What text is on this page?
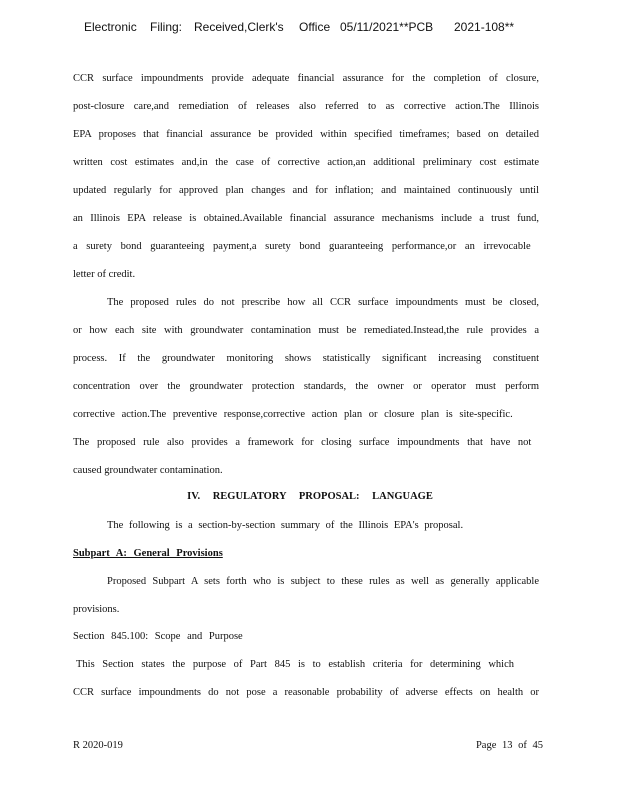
Electronic Filing: Received,Clerk's Office 05/11/2021**PCB 2021-108**
CCR surface impoundments provide adequate financial assurance for the completion of closure,
post-closure care,and remediation of releases also referred to as corrective action.The Illinois
EPA proposes that financial assurance be provided within specified timeframes; based on detailed
written cost estimates and,in the case of corrective action,an additional preliminary cost estimate
updated regularly for approved plan changes and for inflation; and maintained continuously until
an Illinois EPA release is obtained.Available financial assurance mechanisms include a trust fund,
a surety bond guaranteeing payment,a surety bond guaranteeing performance,or an irrevocable
letter of credit.
The proposed rules do not prescribe how all CCR surface impoundments must be closed,
or how each site with groundwater contamination must be remediated.Instead,the rule provides a
process. If the groundwater monitoring shows statistically significant increasing constituent
concentration over the groundwater protection standards, the owner or operator must perform
corrective action.The preventive response,corrective action plan or closure plan is site-specific.
The proposed rule also provides a framework for closing surface impoundments that have not
caused groundwater contamination.
IV. REGULATORY PROPOSAL: LANGUAGE
The following is a section-by-section summary of the Illinois EPA's proposal.
Subpart A: General Provisions
Proposed Subpart A sets forth who is subject to these rules as well as generally applicable
provisions.
Section 845.100: Scope and Purpose
This Section states the purpose of Part 845 is to establish criteria for determining which
CCR surface impoundments do not pose a reasonable probability of adverse effects on health or
R 2020-019	Page 13 of 45
